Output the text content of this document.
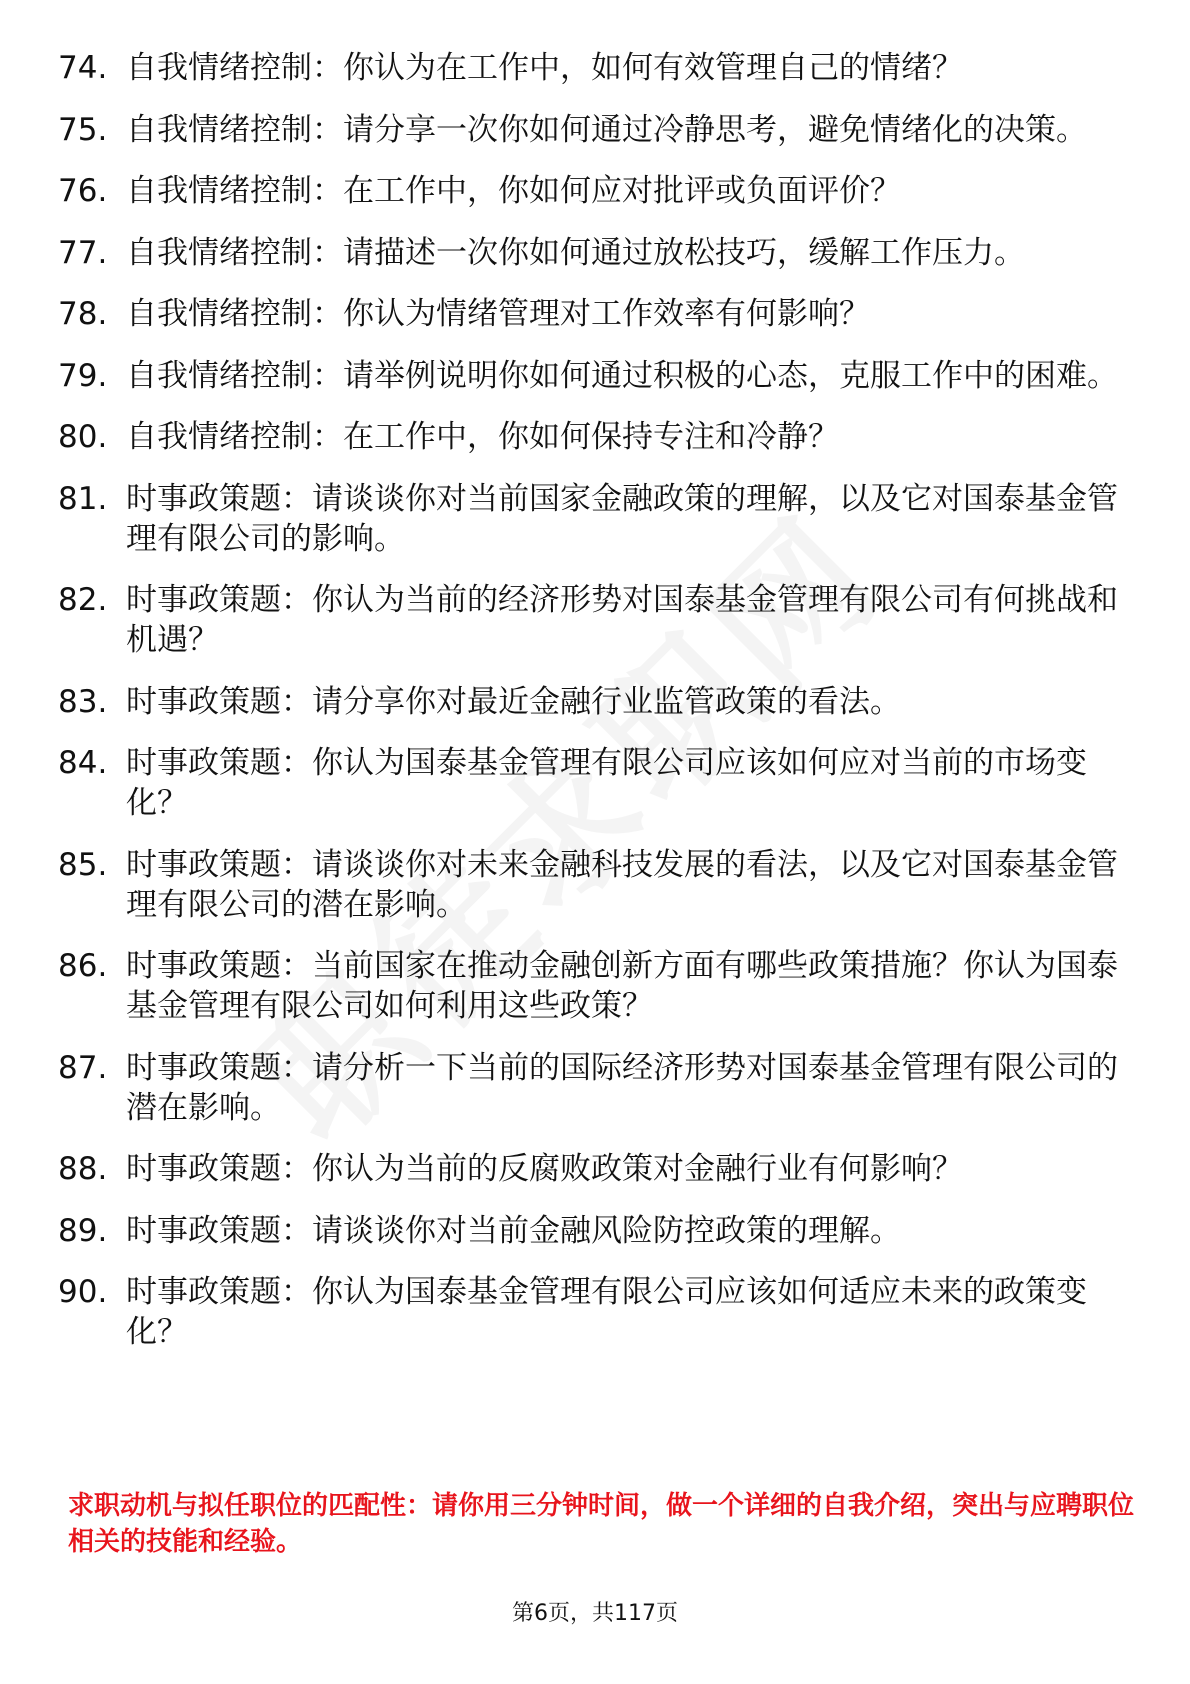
74. 自我情绪控制：你认为在工作中，如何有效管理自己的情绪？
75. 自我情绪控制：请分享一次你如何通过冷静思考，避免情绪化的决策。
76. 自我情绪控制：在工作中，你如何应对批评或负面评价？
77. 自我情绪控制：请描述一次你如何通过放松技巧，缓解工作压力。
78. 自我情绪控制：你认为情绪管理对工作效率有何影响？
79. 自我情绪控制：请举例说明你如何通过积极的心态，克服工作中的困难。
80. 自我情绪控制：在工作中，你如何保持专注和冷静？
81. 时事政策题：请谈谈你对当前国家金融政策的理解，以及它对国泰基金管理有限公司的影响。
82. 时事政策题：你认为当前的经济形势对国泰基金管理有限公司有何挑战和机遇？
83. 时事政策题：请分享你对最近金融行业监管政策的看法。
84. 时事政策题：你认为国泰基金管理有限公司应该如何应对当前的市场变化？
85. 时事政策题：请谈谈你对未来金融科技发展的看法，以及它对国泰基金管理有限公司的潜在影响。
86. 时事政策题：当前国家在推动金融创新方面有哪些政策措施？你认为国泰基金管理有限公司如何利用这些政策？
87. 时事政策题：请分析一下当前的国际经济形势对国泰基金管理有限公司的潜在影响。
88. 时事政策题：你认为当前的反腐败政策对金融行业有何影响？
89. 时事政策题：请谈谈你对当前金融风险防控政策的理解。
90. 时事政策题：你认为国泰基金管理有限公司应该如何适应未来的政策变化？
求职动机与拟任职位的匹配性：请你用三分钟时间，做一个详细的自我介绍，突出与应聘职位相关的技能和经验。
第6页，共117页
